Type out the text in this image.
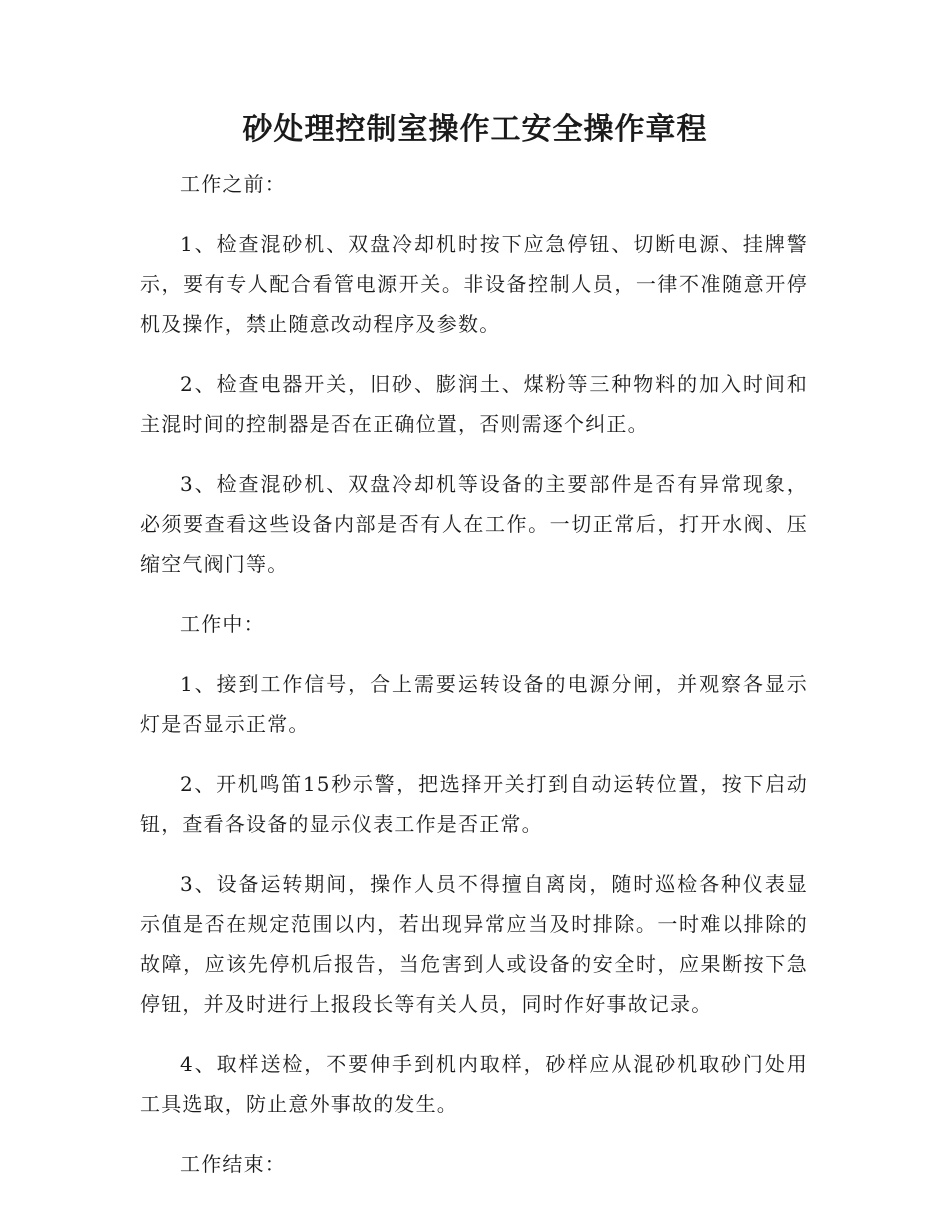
砂处理控制室操作工安全操作章程

工作之前：

1、检查混砂机、双盘冷却机时按下应急停钮、切断电源、挂牌警示，要有专人配合看管电源开关。非设备控制人员，一律不准随意开停机及操作，禁止随意改动程序及参数。

2、检查电器开关，旧砂、膨润土、煤粉等三种物料的加入时间和主混时间的控制器是否在正确位置，否则需逐个纠正。

3、检查混砂机、双盘冷却机等设备的主要部件是否有异常现象，必须要查看这些设备内部是否有人在工作。一切正常后，打开水阀、压缩空气阀门等。

工作中：

1、接到工作信号，合上需要运转设备的电源分闸，并观察各显示灯是否显示正常。

2、开机鸣笛15秒示警，把选择开关打到自动运转位置，按下启动钮，查看各设备的显示仪表工作是否正常。

3、设备运转期间，操作人员不得擅自离岗，随时巡检各种仪表显示值是否在规定范围以内，若出现异常应当及时排除。一时难以排除的故障，应该先停机后报告，当危害到人或设备的安全时，应果断按下急停钮，并及时进行上报段长等有关人员，同时作好事故记录。

4、取样送检，不要伸手到机内取样，砂样应从混砂机取砂门处用工具选取，防止意外事故的发生。

工作结束：
